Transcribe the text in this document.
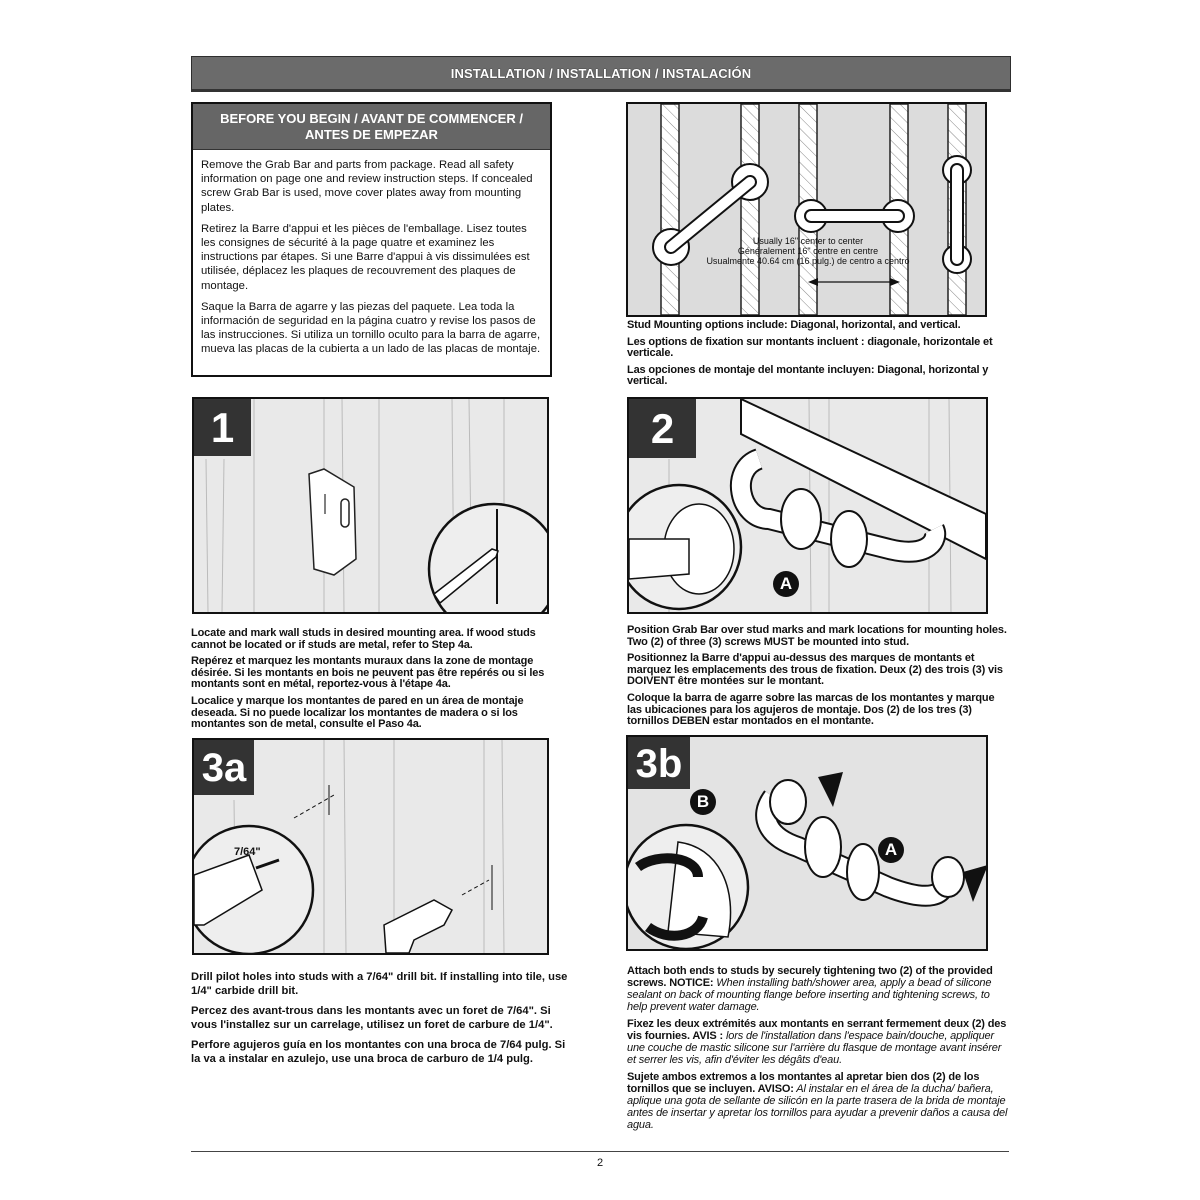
INSTALLATION / INSTALLATION / INSTALACIÓN
BEFORE YOU BEGIN / AVANT DE COMMENCER /
ANTES DE EMPEZAR

Remove the Grab Bar and parts from package. Read all safety information on page one and review instruction steps. If concealed screw Grab Bar is used, move cover plates away from mounting plates.

Retirez la Barre d'appui et les pièces de l'emballage. Lisez toutes les consignes de sécurité à la page quatre et examinez les instructions par étapes. Si une Barre d'appui à vis dissimulées est utilisée, déplacez les plaques de recouvrement des plaques de montage.

Saque la Barra de agarre y las piezas del paquete. Lea toda la información de seguridad en la página cuatro y revise los pasos de las instrucciones. Si utiliza un tornillo oculto para la barra de agarre, mueva las placas de la cubierta a un lado de las placas de montaje.

Usually 16" center to center
Généralement 16" centre en centre
Usualmente 40.64 cm (16 pulg.) de centro a centro

Stud Mounting options include: Diagonal, horizontal, and vertical.

Les options de fixation sur montants incluent : diagonale, horizontale et verticale.

Las opciones de montaje del montante incluyen: Diagonal, horizontal y vertical.

1

Locate and mark wall studs in desired mounting area. If wood studs cannot be located or if studs are metal, refer to Step 4a.

Repérez et marquez les montants muraux dans la zone de montage désirée. Si les montants en bois ne peuvent pas être repérés ou si les montants sont en métal, reportez-vous à l'étape 4a.

Localice y marque los montantes de pared en un área de montaje deseada. Si no puede localizar los montantes de madera o si los montantes son de metal, consulte el Paso 4a.

2
A

Position Grab Bar over stud marks and mark locations for mounting holes. Two (2) of three (3) screws MUST be mounted into stud.

Positionnez la Barre d'appui au-dessus des marques de montants et marquez les emplacements des trous de fixation. Deux (2) des trois (3) vis DOIVENT être montées sur le montant.

Coloque la barra de agarre sobre las marcas de los montantes y marque las ubicaciones para los agujeros de montaje. Dos (2) de los tres (3) tornillos DEBEN estar montados en el montante.

3a
7/64"

Drill pilot holes into studs with a 7/64" drill bit. If installing into tile, use 1/4" carbide drill bit.

Percez des avant-trous dans les montants avec un foret de 7/64". Si vous l'installez sur un carrelage, utilisez un foret de carbure de 1/4".

Perfore agujeros guía en los montantes con una broca de 7/64 pulg. Si la va a instalar en azulejo, use una broca de carburo de 1/4 pulg.

3b
B
A

Attach both ends to studs by securely tightening two (2) of the provided screws. NOTICE: When installing bath/shower area, apply a bead of silicone sealant on back of mounting flange before inserting and tightening screws, to help prevent water damage.

Fixez les deux extrémités aux montants en serrant fermement deux (2) des vis fournies. AVIS : lors de l'installation dans l'espace bain/douche, appliquer une couche de mastic silicone sur l'arrière du flasque de montage avant insérer et serrer les vis, afin d'éviter les dégâts d'eau.

Sujete ambos extremos a los montantes al apretar bien dos (2) de los tornillos que se incluyen. AVISO: Al instalar en el área de la ducha/ bañera, aplique una gota de sellante de silicón en la parte trasera de la brida de montaje antes de insertar y apretar los tornillos para ayudar a prevenir daños a causa del agua.

2
